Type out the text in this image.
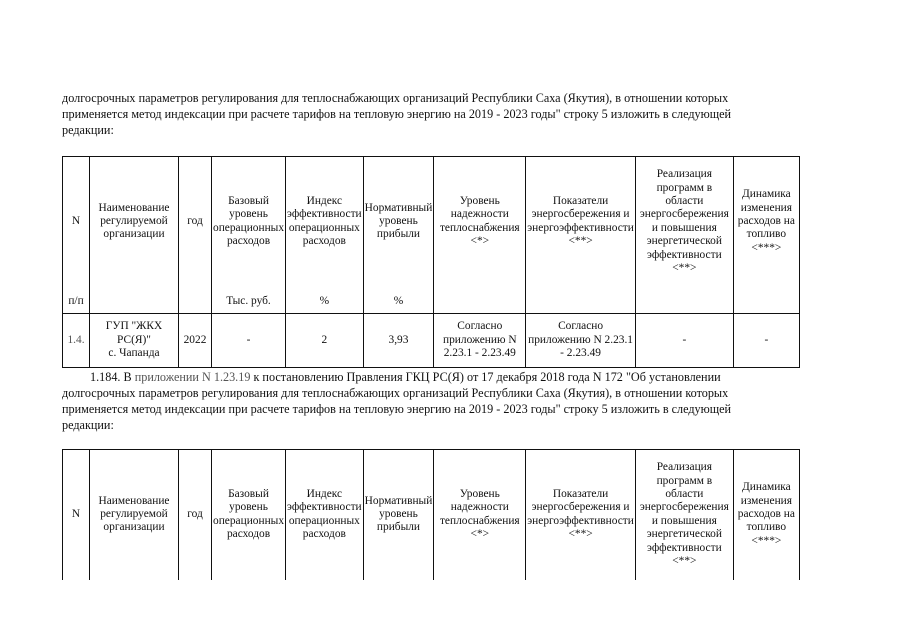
долгосрочных параметров регулирования для теплоснабжающих организаций Республики Саха (Якутия), в отношении которых
применяется метод индексации при расчете тарифов на тепловую энергию на 2019 - 2023 годы" строку 5 изложить в следующей
редакции:
N	Наименование регулируемой организации	год	Базовый уровень операционных расходов	Индекс эффективности операционных расходов	Нормативный уровень прибыли	Уровень надежности теплоснабжения <*>	Показатели энергосбережения и энергоэффективности <**>	Реализация программ в области энергосбережения и повышения энергетической эффективности <**>	Динамика изменения расходов на топливо <***>
п/п			Тыс. руб.	%	%				
1.4.	ГУП "ЖКХ
РС(Я)"
с. Чапанда	2022	-	2	3,93	Согласно приложению N 2.23.1 - 2.23.49	Согласно приложению N 2.23.1 - 2.23.49	-	-
1.184. В приложении N 1.23.19 к постановлению Правления ГКЦ РС(Я) от 17 декабря 2018 года N 172 "Об установлении
долгосрочных параметров регулирования для теплоснабжающих организаций Республики Саха (Якутия), в отношении которых
применяется метод индексации при расчете тарифов на тепловую энергию на 2019 - 2023 годы" строку 5 изложить в следующей
редакции:
N	Наименование регулируемой организации	год	Базовый уровень операционных расходов	Индекс эффективности операционных расходов	Нормативный уровень прибыли	Уровень надежности теплоснабжения <*>	Показатели энергосбережения и энергоэффективности <**>	Реализация программ в области энергосбережения и повышения энергетической эффективности <**>	Динамика изменения расходов на топливо <***>
